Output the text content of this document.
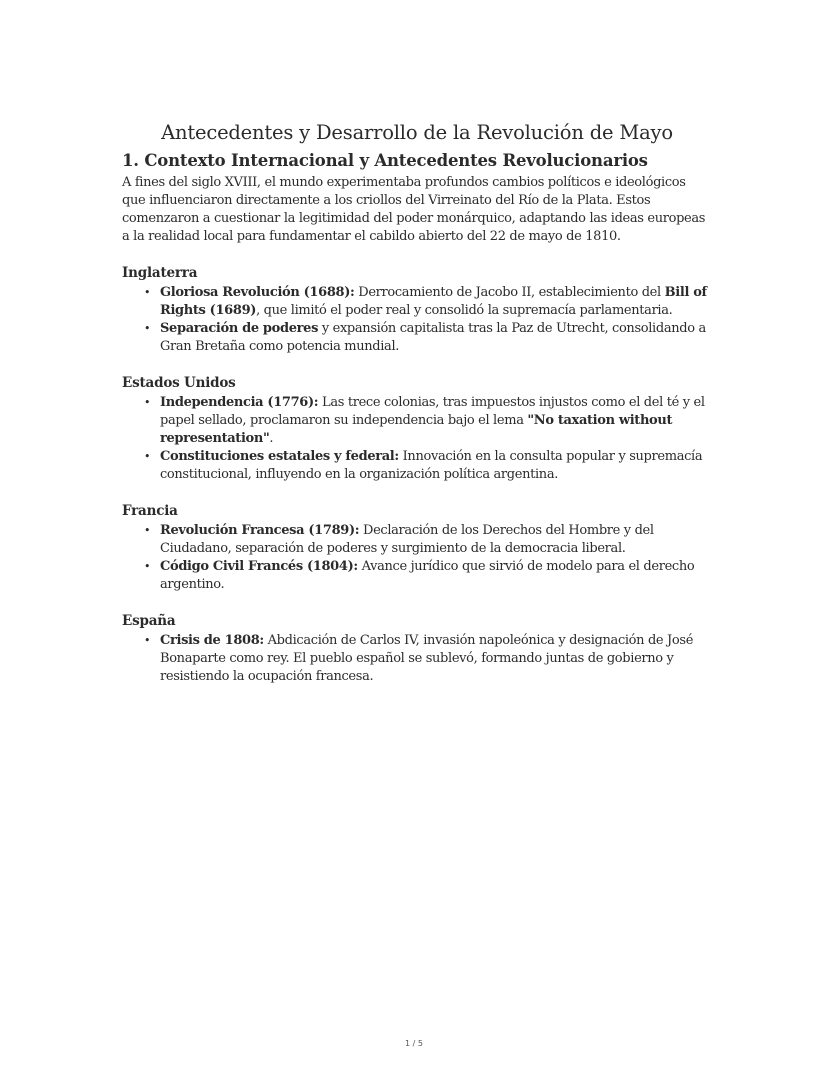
Antecedentes y Desarrollo de la Revolución de Mayo
1. Contexto Internacional y Antecedentes Revolucionarios

A fines del siglo XVIII, el mundo experimentaba profundos cambios políticos e ideológicos que influenciaron directamente a los criollos del Virreinato del Río de la Plata. Estos comenzaron a cuestionar la legitimidad del poder monárquico, adaptando las ideas europeas a la realidad local para fundamentar el cabildo abierto del 22 de mayo de 1810.

Inglaterra
• Gloriosa Revolución (1688): Derrocamiento de Jacobo II, establecimiento del Bill of Rights (1689), que limitó el poder real y consolidó la supremacía parlamentaria.
• Separación de poderes y expansión capitalista tras la Paz de Utrecht, consolidando a Gran Bretaña como potencia mundial.
Estados Unidos
• Independencia (1776): Las trece colonias, tras impuestos injustos como el del té y el papel sellado, proclamaron su independencia bajo el lema "No taxation without representation".
• Constituciones estatales y federal: Innovación en la consulta popular y supremacía constitucional, influyendo en la organización política argentina.
Francia
• Revolución Francesa (1789): Declaración de los Derechos del Hombre y del Ciudadano, separación de poderes y surgimiento de la democracia liberal.
• Código Civil Francés (1804): Avance jurídico que sirvió de modelo para el derecho argentino.
España
• Crisis de 1808: Abdicación de Carlos IV, invasión napoleónica y designación de José Bonaparte como rey. El pueblo español se sublevó, formando juntas de gobierno y resistiendo la ocupación francesa.
1 / 5
